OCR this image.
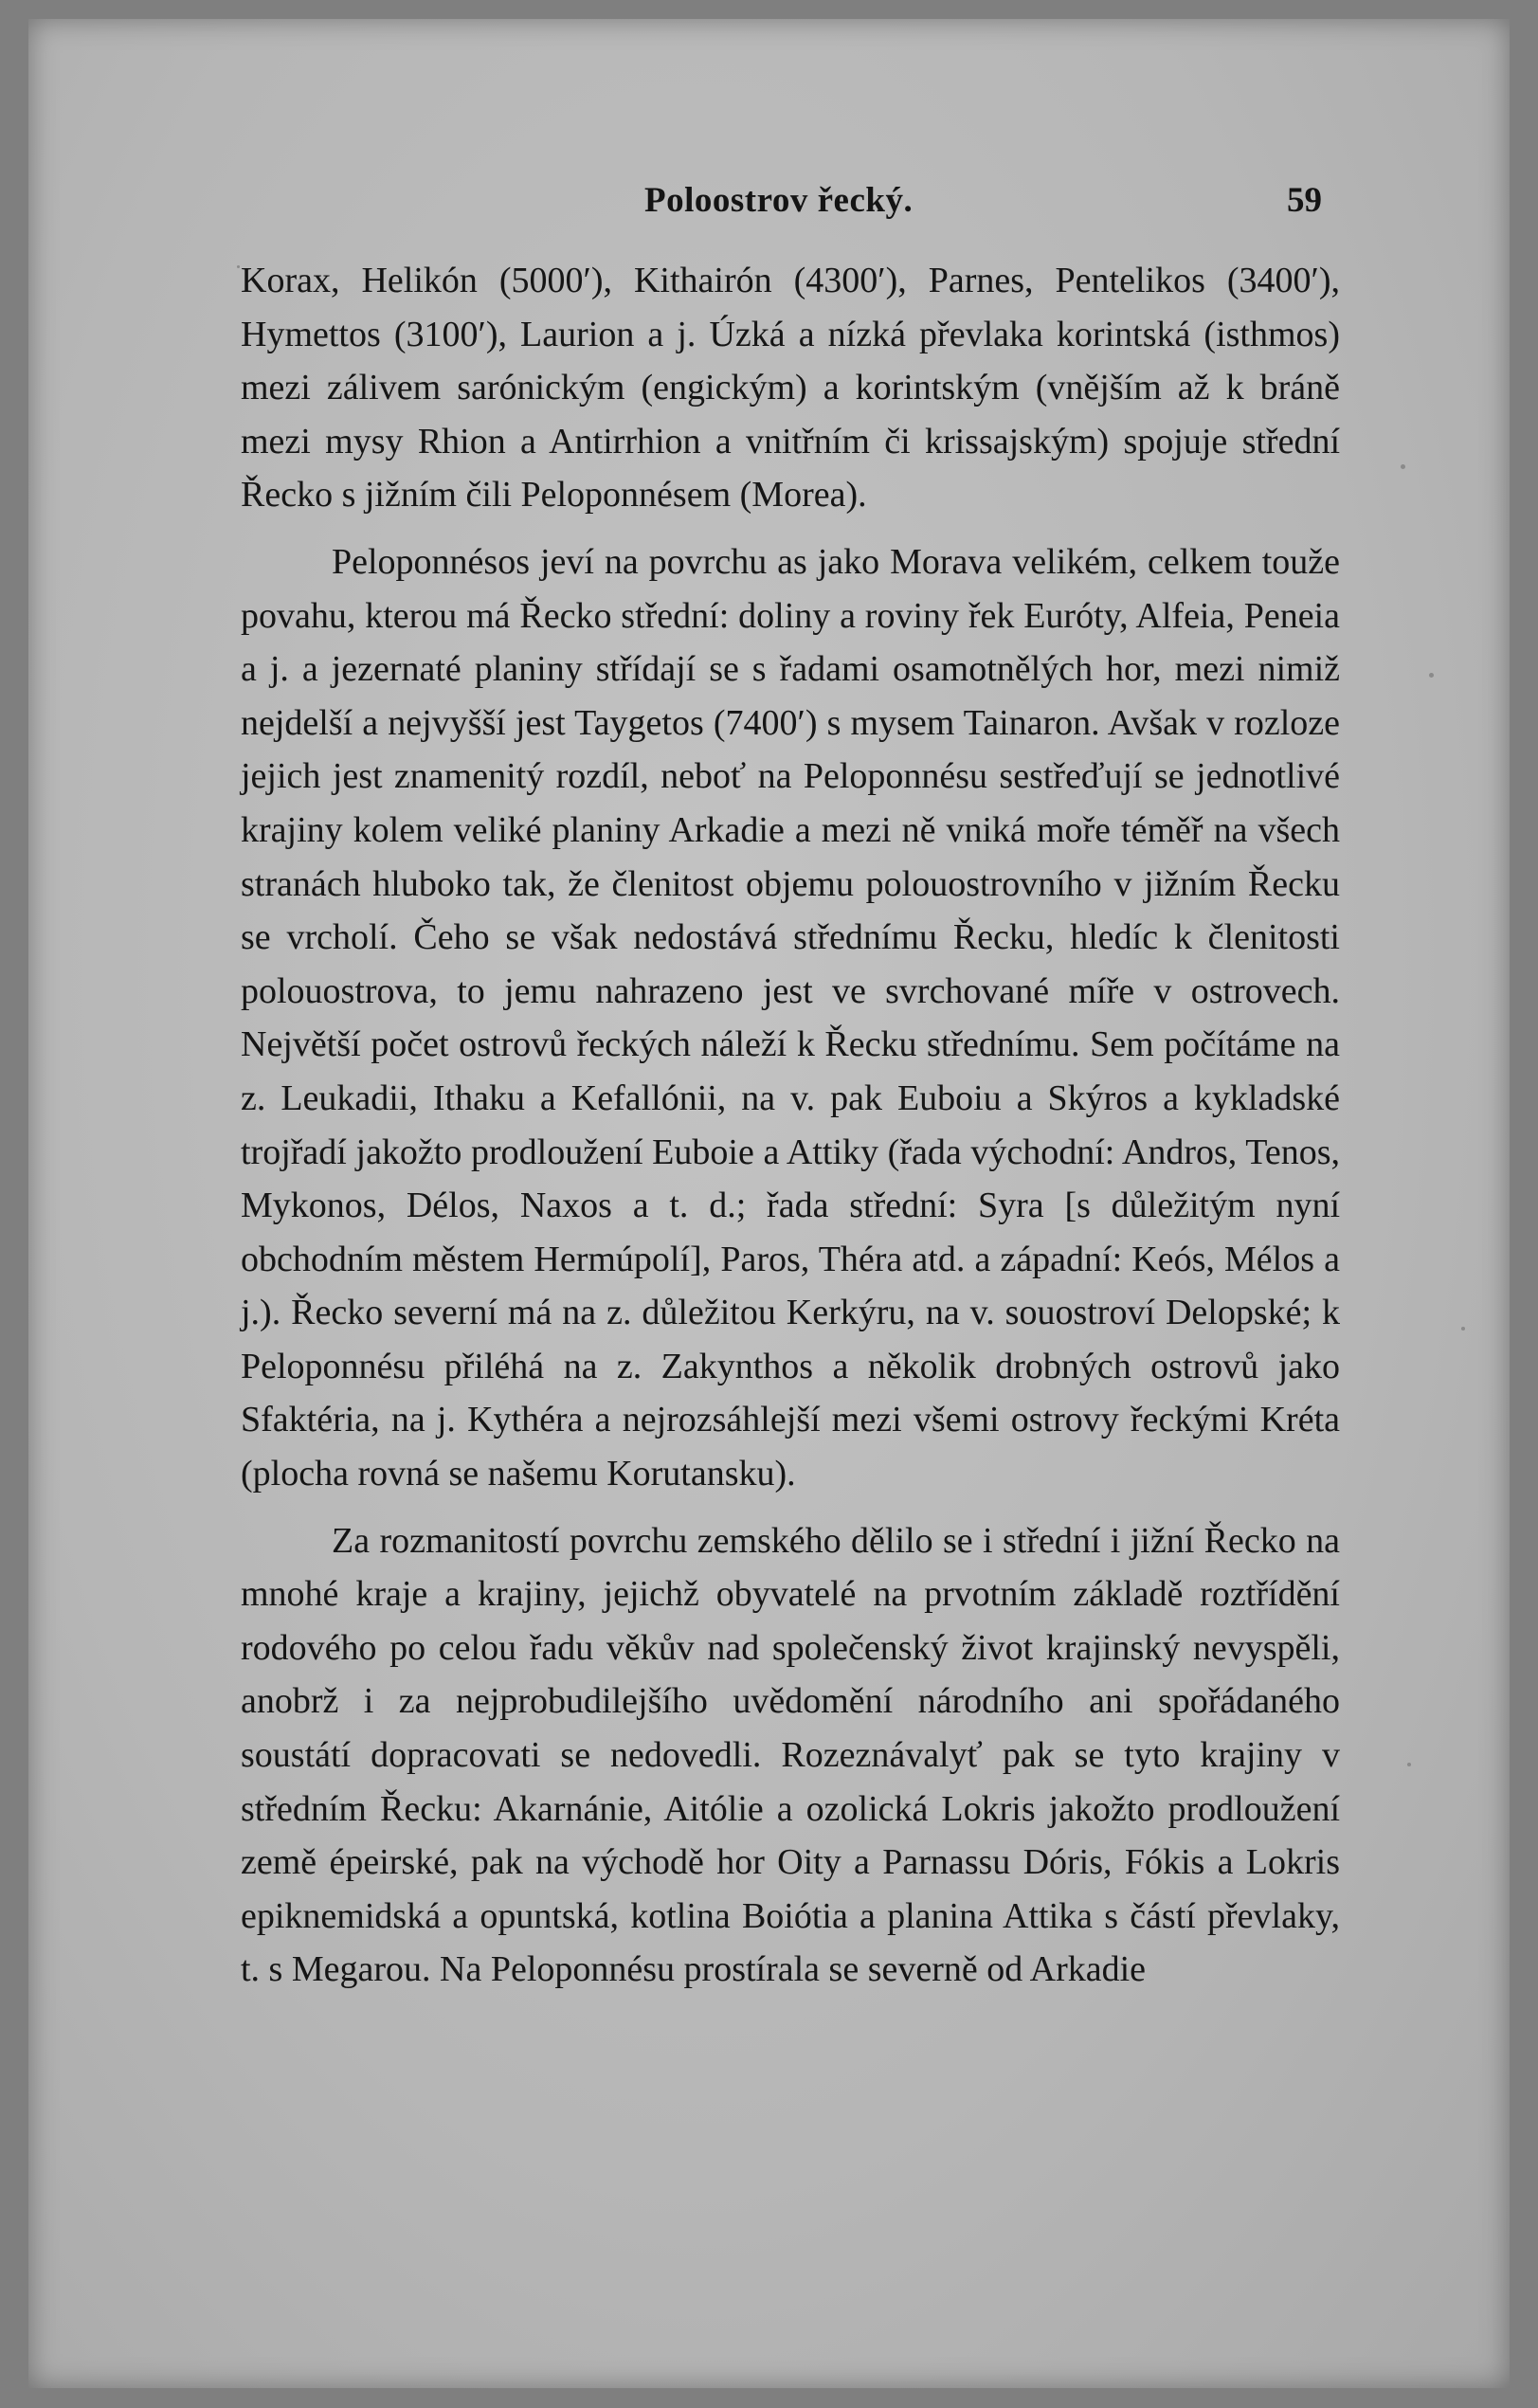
Poloostrov řecký.	59

Korax, Helikón (5000′), Kithairón (4300′), Parnes, Pentelikos (3400′), Hymettos (3100′), Laurion a j. Úzká a nízká převlaka korintská (isthmos) mezi zálivem sarónickým (engickým) a korintským (vnějším až k bráně mezi mysy Rhion a Antirrhion a vnitřním či krissajským) spojuje střední Řecko s jižním čili Peloponnésem (Morea).

Peloponnésos jeví na povrchu as jako Morava velikém, celkem touže povahu, kterou má Řecko střední: doliny a roviny řek Euróty, Alfeia, Peneia a j. a jezernaté planiny střídají se s řadami osamotnělých hor, mezi nimiž nejdelší a nejvyšší jest Taygetos (7400′) s mysem Tainaron. Avšak v rozloze jejich jest znamenitý rozdíl, neboť na Peloponnésu sestřeďují se jednotlivé krajiny kolem veliké planiny Arkadie a mezi ně vniká moře téměř na všech stranách hluboko tak, že členitost objemu polouostrovního v jižním Řecku se vrcholí. Čeho se však nedostává střednímu Řecku, hledíc k členitosti polouostrova, to jemu nahrazeno jest ve svrchované míře v ostrovech. Největší počet ostrovů řeckých náleží k Řecku střednímu. Sem počítáme na z. Leukadii, Ithaku a Kefallónii, na v. pak Euboiu a Skýros a kykladské trojřadí jakožto prodloužení Euboie a Attiky (řada východní: Andros, Tenos, Mykonos, Délos, Naxos a t. d.; řada střední: Syra [s důležitým nyní obchodním městem Hermúpolí], Paros, Théra atd. a západní: Keós, Mélos a j.). Řecko severní má na z. důležitou Kerkýru, na v. souostroví Delopské; k Peloponnésu přiléhá na z. Zakynthos a několik drobných ostrovů jako Sfaktéria, na j. Kythéra a nejrozsáhlejší mezi všemi ostrovy řeckými Kréta (plocha rovná se našemu Korutansku).

Za rozmanitostí povrchu zemského dělilo se i střední i jižní Řecko na mnohé kraje a krajiny, jejichž obyvatelé na prvotním základě roztřídění rodového po celou řadu věkův nad společenský život krajinský nevyspěli, anobrž i za nejprobudilejšího uvědomění národního ani spořádaného soustátí dopracovati se nedovedli. Rozeznávalyť pak se tyto krajiny v středním Řecku: Akarnánie, Aitólie a ozolická Lokris jakožto prodloužení země épeirské, pak na východě hor Oity a Parnassu Dóris, Fókis a Lokris epiknemidská a opuntská, kotlina Boiótia a planina Attika s částí převlaky, t. s Megarou. Na Peloponnésu prostírala se severně od Arkadie
